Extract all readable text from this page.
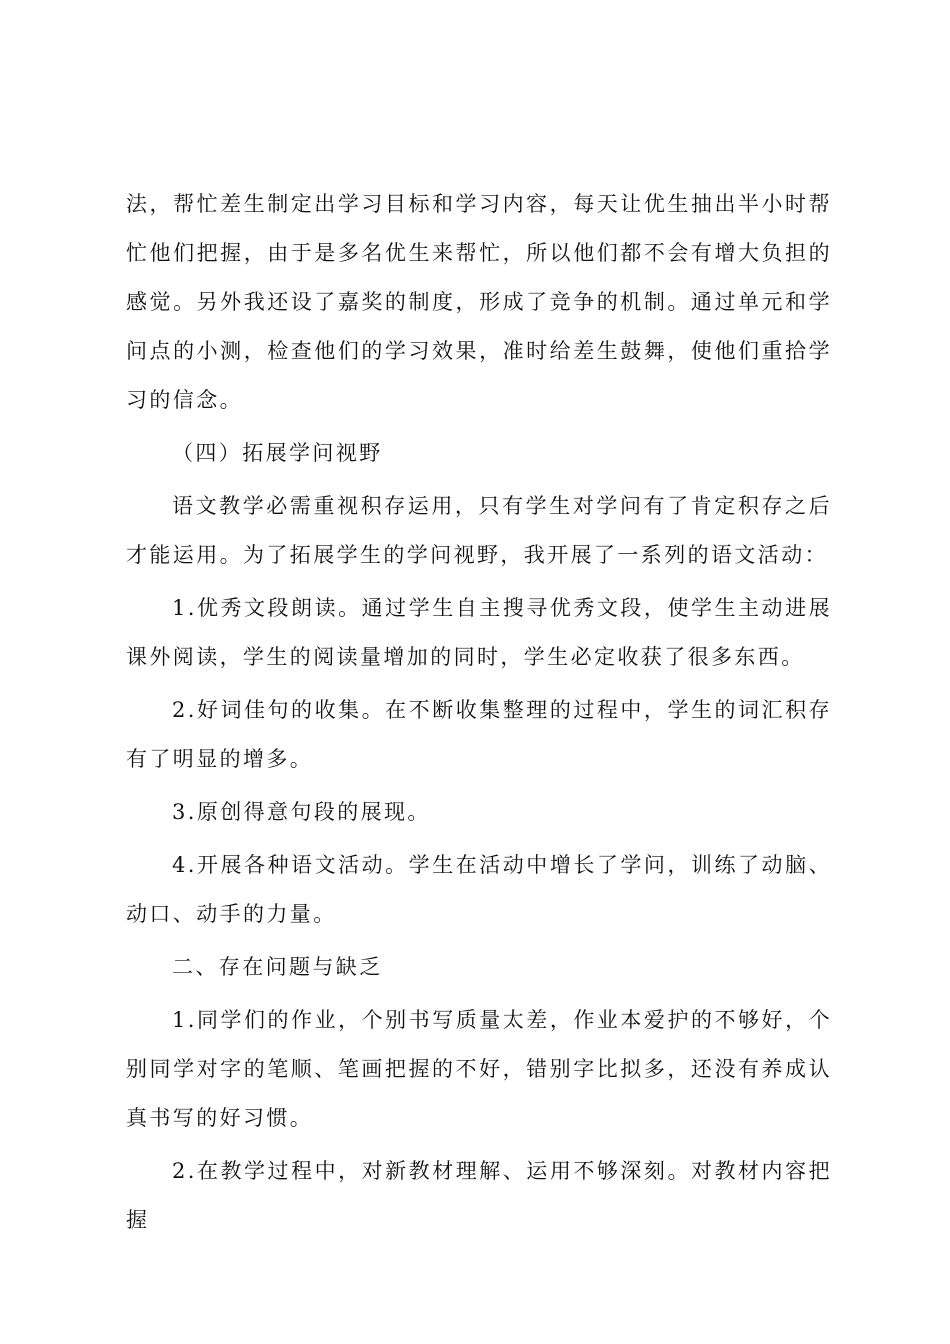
法，帮忙差生制定出学习目标和学习内容，每天让优生抽出半小时帮忙他们把握，由于是多名优生来帮忙，所以他们都不会有增大负担的感觉。另外我还设了嘉奖的制度，形成了竞争的机制。通过单元和学问点的小测，检查他们的学习效果，准时给差生鼓舞，使他们重拾学习的信念。

（四）拓展学问视野

语文教学必需重视积存运用，只有学生对学问有了肯定积存之后才能运用。为了拓展学生的学问视野，我开展了一系列的语文活动：

1.优秀文段朗读。通过学生自主搜寻优秀文段，使学生主动进展课外阅读，学生的阅读量增加的同时，学生必定收获了很多东西。

2.好词佳句的收集。在不断收集整理的过程中，学生的词汇积存有了明显的增多。

3.原创得意句段的展现。

4.开展各种语文活动。学生在活动中增长了学问，训练了动脑、动口、动手的力量。

二、存在问题与缺乏

1.同学们的作业，个别书写质量太差，作业本爱护的不够好，个别同学对字的笔顺、笔画把握的不好，错别字比拟多，还没有养成认真书写的好习惯。

2.在教学过程中，对新教材理解、运用不够深刻。对教材内容把握
